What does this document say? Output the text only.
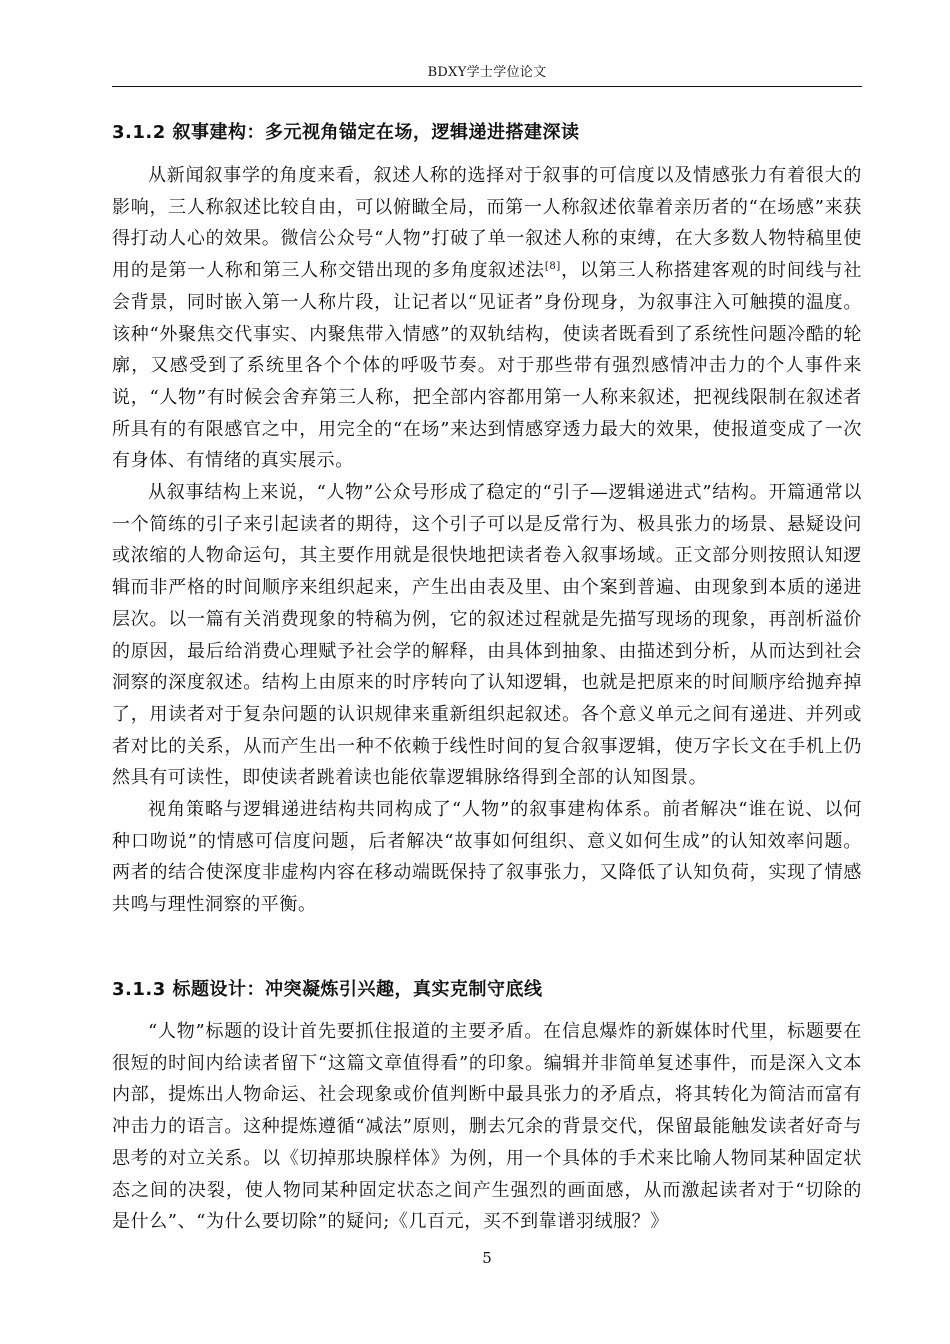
BDXY学士学位论文
3.1.2 叙事建构：多元视角锚定在场，逻辑递进搭建深读

从新闻叙事学的角度来看，叙述人称的选择对于叙事的可信度以及情感张力有着很大的影响，三人称叙述比较自由，可以俯瞰全局，而第一人称叙述依靠着亲历者的“在场感”来获得打动人心的效果。微信公众号“人物”打破了单一叙述人称的束缚，在大多数人物特稿里使用的是第一人称和第三人称交错出现的多角度叙述法[8]，以第三人称搭建客观的时间线与社会背景，同时嵌入第一人称片段，让记者以“见证者”身份现身，为叙事注入可触摸的温度。该种“外聚焦交代事实、内聚焦带入情感”的双轨结构，使读者既看到了系统性问题冷酷的轮廓，又感受到了系统里各个个体的呼吸节奏。对于那些带有强烈感情冲击力的个人事件来说，“人物”有时候会舍弃第三人称，把全部内容都用第一人称来叙述，把视线限制在叙述者所具有的有限感官之中，用完全的“在场”来达到情感穿透力最大的效果，使报道变成了一次有身体、有情绪的真实展示。

从叙事结构上来说，“人物”公众号形成了稳定的“引子—逻辑递进式”结构。开篇通常以一个简练的引子来引起读者的期待，这个引子可以是反常行为、极具张力的场景、悬疑设问或浓缩的人物命运句，其主要作用就是很快地把读者卷入叙事场域。正文部分则按照认知逻辑而非严格的时间顺序来组织起来，产生出由表及里、由个案到普遍、由现象到本质的递进层次。以一篇有关消费现象的特稿为例，它的叙述过程就是先描写现场的现象，再剖析溢价的原因，最后给消费心理赋予社会学的解释，由具体到抽象、由描述到分析，从而达到社会洞察的深度叙述。结构上由原来的时序转向了认知逻辑，也就是把原来的时间顺序给抛弃掉了，用读者对于复杂问题的认识规律来重新组织起叙述。各个意义单元之间有递进、并列或者对比的关系，从而产生出一种不依赖于线性时间的复合叙事逻辑，使万字长文在手机上仍然具有可读性，即使读者跳着读也能依靠逻辑脉络得到全部的认知图景。

视角策略与逻辑递进结构共同构成了“人物”的叙事建构体系。前者解决“谁在说、以何种口吻说”的情感可信度问题，后者解决“故事如何组织、意义如何生成”的认知效率问题。两者的结合使深度非虚构内容在移动端既保持了叙事张力，又降低了认知负荷，实现了情感共鸣与理性洞察的平衡。

3.1.3 标题设计：冲突凝炼引兴趣，真实克制守底线

“人物”标题的设计首先要抓住报道的主要矛盾。在信息爆炸的新媒体时代里，标题要在很短的时间内给读者留下“这篇文章值得看”的印象。编辑并非简单复述事件，而是深入文本内部，提炼出人物命运、社会现象或价值判断中最具张力的矛盾点，将其转化为简洁而富有冲击力的语言。这种提炼遵循“减法”原则，删去冗余的背景交代，保留最能触发读者好奇与思考的对立关系。以《切掉那块腺样体》为例，用一个具体的手术来比喻人物同某种固定状态之间的决裂，使人物同某种固定状态之间产生强烈的画面感，从而激起读者对于“切除的是什么”、“为什么要切除”的疑问;《几百元，买不到靠谱羽绒服？》

5
